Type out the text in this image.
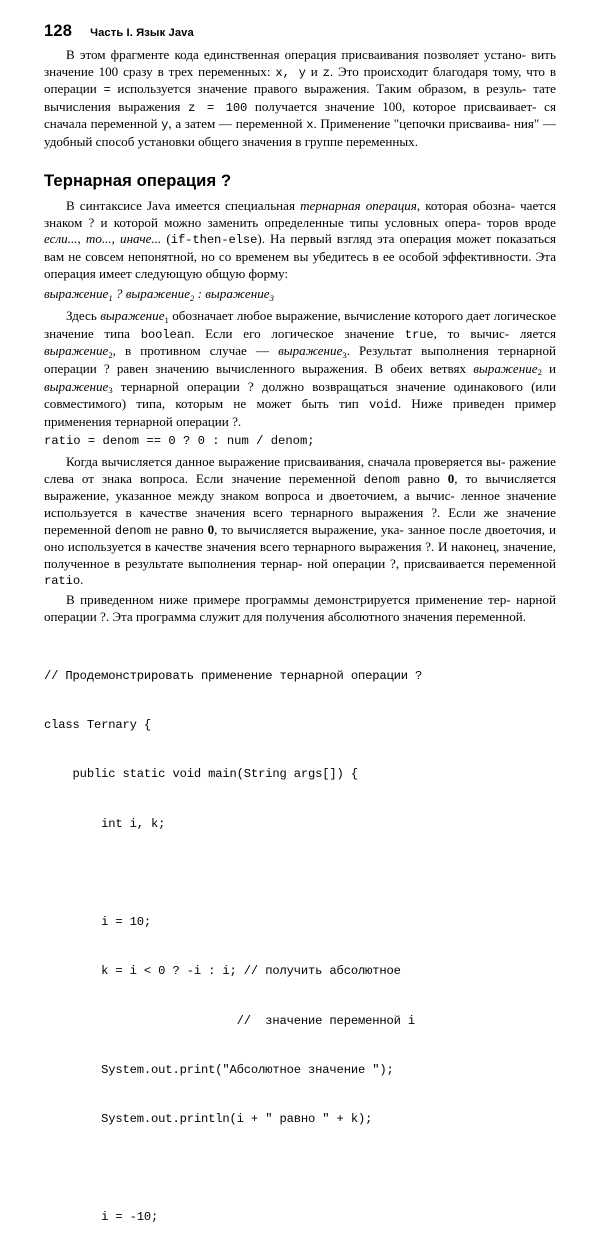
128 Часть I. Язык Java

В этом фрагменте кода единственная операция присваивания позволяет устано- вить значение 100 сразу в трех переменных: x, y и z. Это происходит благодаря тому, что в операции = используется значение правого выражения. Таким образом, в резуль- тате вычисления выражения z = 100 получается значение 100, которое присваивает- ся сначала переменной y, а затем — переменной x. Применение "цепочки присваива- ния" — удобный способ установки общего значения в группе переменных.

Тернарная операция ?

В синтаксисе Java имеется специальная тернарная операция, которая обозна- чается знаком ? и которой можно заменить определенные типы условных опера- торов вроде если..., то..., иначе... (if-then-else). На первый взгляд эта операция может показаться вам не совсем непонятной, но со временем вы убедитесь в ее особой эффективности. Эта операция имеет следующую общую форму:

выражение$_1$ ? выражение$_2$ : выражение$_3$

Здесь выражение$_1$ обозначает любое выражение, вычисление которого дает логическое значение типа boolean. Если его логическое значение true, то вычис- ляется выражение$_2$, в противном случае — выражение$_3$. Результат выполнения тернарной операции ? равен значению вычисленного выражения. В обеих ветвях выражение$_2$ и выражение$_3$ тернарной операции ? должно возвращаться значение одинакового (или совместимого) типа, которым не может быть тип void. Ниже приведен пример применения тернарной операции ?.

ratio = denom == 0 ? 0 : num / denom;

Когда вычисляется данное выражение присваивания, сначала проверяется вы- ражение слева от знака вопроса. Если значение переменной denom равно 0, то вычисляется выражение, указанное между знаком вопроса и двоеточием, а вычис- ленное значение используется в качестве значения всего тернарного выражения ?. Если же значение переменной denom не равно 0, то вычисляется выражение, ука- занное после двоеточия, и оно используется в качестве значения всего тернарного выражения ?. И наконец, значение, полученное в результате выполнения тернар- ной операции ?, присваивается переменной ratio.

В приведенном ниже примере программы демонстрируется применение тер- нарной операции ?. Эта программа служит для получения абсолютного значения переменной.

// Продемонстрировать применение тернарной операции ?

class Ternary {

public static void main(String args[]) {

int i, k;

i = 10;

k = i < 0 ? -i : i; // получить абсолютное

//  значение переменной i

System.out.print("Абсолютное значение ");

System.out.println(i + " равно " + k);

i = -10;
